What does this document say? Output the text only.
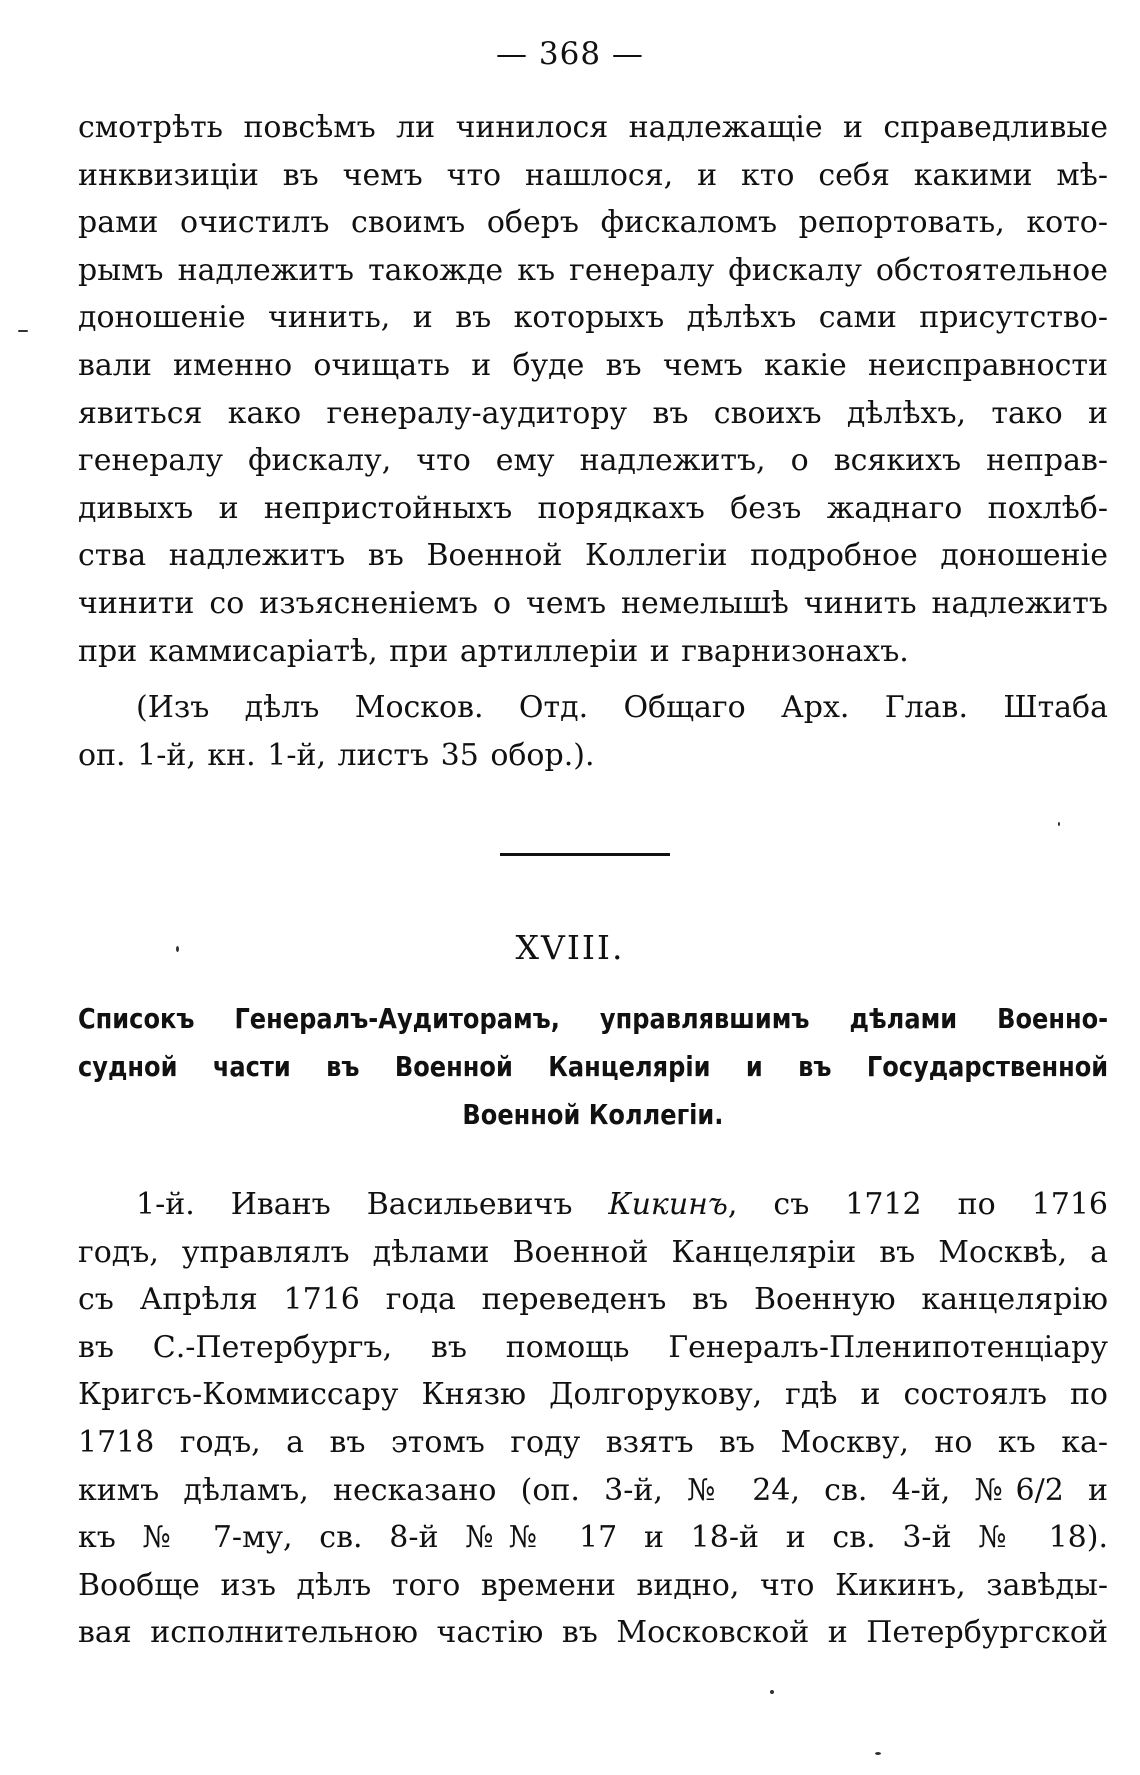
— 368 —

смотрѣть повсѣмъ ли чинилося надлежащіе и справедливые
инквизиціи въ чемъ что нашлося, и кто себя какими мѣ-
рами очистилъ своимъ оберъ фискаломъ репортовать, кото-
рымъ надлежитъ такожде къ генералу фискалу обстоятельное
доношеніе чинить, и въ которыхъ дѣлѣхъ сами присутство-
вали именно очищать и буде въ чемъ какіе неисправности
явиться како генералу-аудитору въ своихъ дѣлѣхъ, тако и
генералу фискалу, что ему надлежитъ, о всякихъ неправ-
дивыхъ и непристойныхъ порядкахъ безъ жаднаго похлѣб-
ства надлежитъ въ Военной Коллегіи подробное доношеніе
чинити со изъясненіемъ о чемъ немелышѣ чинить надлежитъ
при каммисаріатѣ, при артиллеріи и гварнизонахъ.

(Изъ дѣлъ Москов. Отд. Общаго Арх. Глав. Штаба
оп. 1-й, кн. 1-й, листъ 35 обор.).

XVIII.

Списокъ Генералъ-Аудиторамъ, управлявшимъ дѣлами Военно-
судной части въ Военной Канцеляріи и въ Государственной
Военной Коллегіи.

1-й. Иванъ Васильевичъ Кикинъ, съ 1712 по 1716
годъ, управлялъ дѣлами Военной Канцеляріи въ Москвѣ, а
съ Апрѣля 1716 года переведенъ въ Военную канцелярію
въ С.-Петербургъ, въ помощь Генералъ-Пленипотенціару
Кригсъ-Коммиссару Князю Долгорукову, гдѣ и состоялъ по
1718 годъ, а въ этомъ году взятъ въ Москву, но къ ка-
кимъ дѣламъ, несказано (оп. 3-й, № 24, св. 4-й, №6/2 и
къ № 7-му, св. 8-й №№ 17 и 18-й и св. 3-й № 18).
Вообще изъ дѣлъ того времени видно, что Кикинъ, завѣды-
вая исполнительною частію въ Московской и Петербургской
